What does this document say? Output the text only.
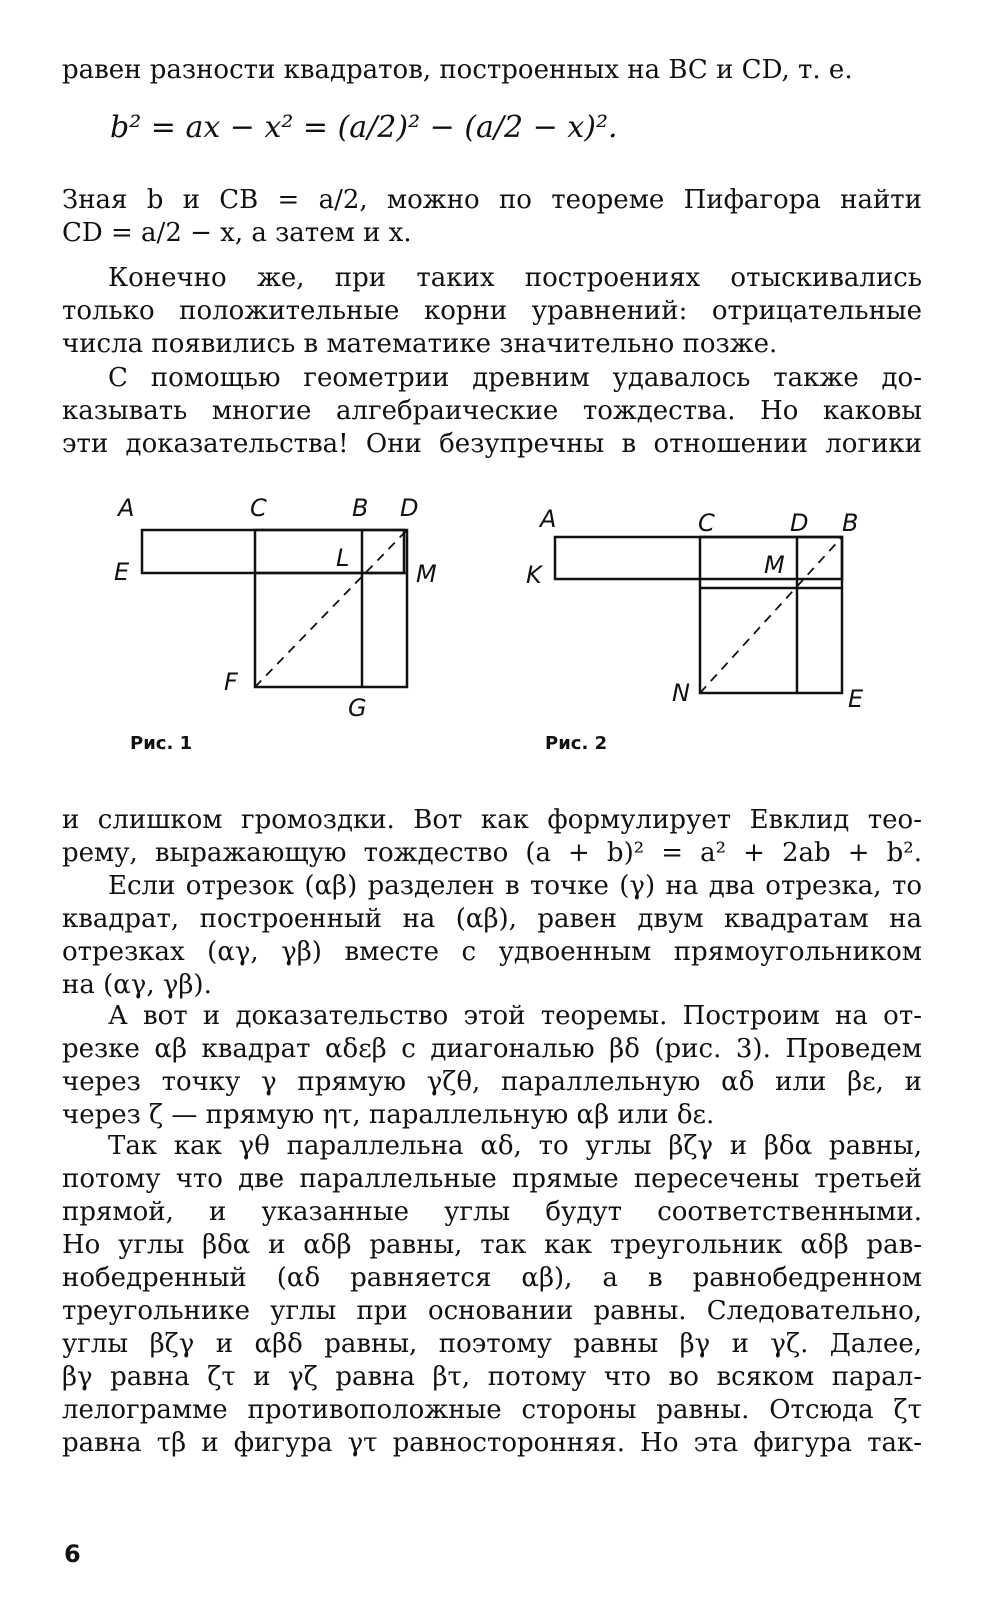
равен разности квадратов, построенных на BC и CD, т. е.
b² = ax − x² = (a/2)² − (a/2 − x)².
Зная b и CB = a/2, можно по теореме Пифагора найти
CD = a/2 − x, а затем и x.
Конечно же, при таких построениях отыскивались
только положительные корни уравнений: отрицательные
числа появились в математике значительно позже.
С помощью геометрии древним удавалось также до-
казывать многие алгебраические тождества. Но каковы
эти доказательства! Они безупречны в отношении логики
A	C	B D
E	L
M
F
G
Рис. 1
A	C	D B
K	M
N	E
Рис. 2
и слишком громоздки. Вот как формулирует Евклид тео-
рему, выражающую тождество (a + b)² = a² + 2ab + b².
Если отрезок (αβ) разделен в точке (γ) на два отрезка, то
квадрат, построенный на (αβ), равен двум квадратам на
отрезках (αγ, γβ) вместе с удвоенным прямоугольником
на (αγ, γβ).
А вот и доказательство этой теоремы. Построим на от-
резке αβ квадрат αδεβ с диагональю βδ (рис. 3). Проведем
через точку γ прямую γζθ, параллельную αδ или βε, и
через ζ — прямую ητ, параллельную αβ или δε.
Так как γθ параллельна αδ, то углы βζγ и βδα равны,
потому что две параллельные прямые пересечены третьей
прямой, и указанные углы будут соответственными.
Но углы βδα и αδβ равны, так как треугольник αδβ рав-
нобедренный (αδ равняется αβ), а в равнобедренном
треугольнике углы при основании равны. Следовательно,
углы βζγ и αβδ равны, поэтому равны βγ и γζ. Далее,
βγ равна ζτ и γζ равна βτ, потому что во всяком парал-
лелограмме противоположные стороны равны. Отсюда ζτ
равна τβ и фигура γτ равносторонняя. Но эта фигура так-
6
